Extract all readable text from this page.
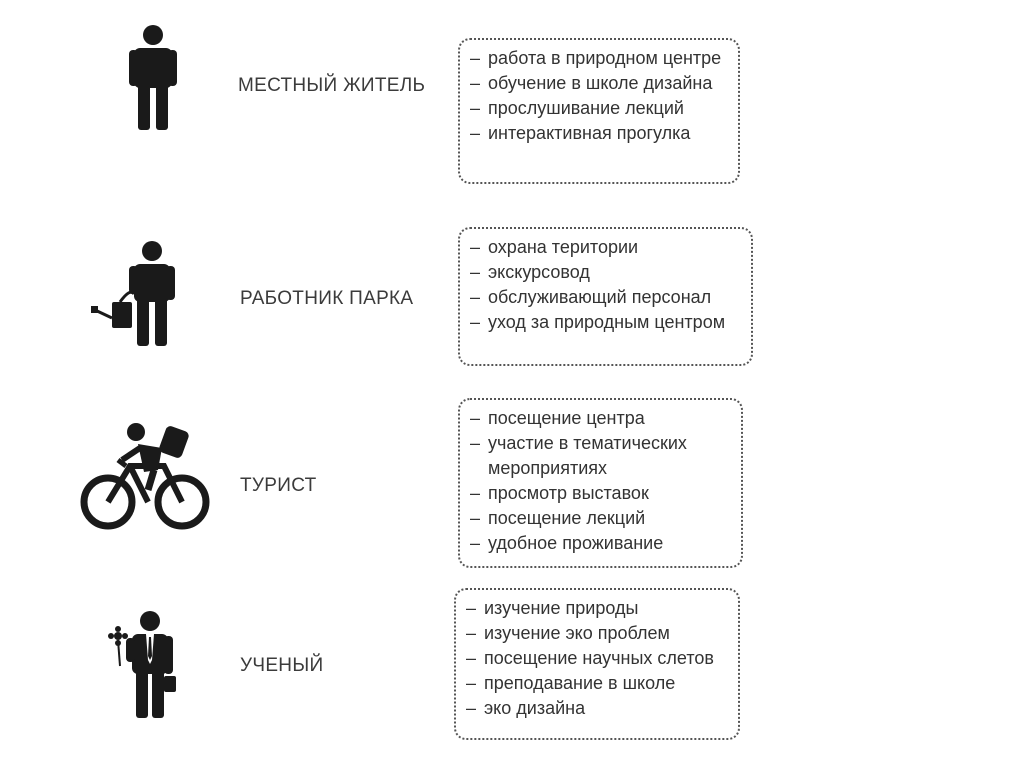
МЕСТНЫЙ ЖИТЕЛЬ
– работа в природном центре
– обучение в школе дизайна
– прослушивание лекций
– интерактивная прогулка
РАБОТНИК ПАРКА
– охрана територии
– экскурсовод
– обслуживающий персонал
– уход за природным центром
ТУРИСТ
– посещение центра
– участие в тематических мероприятиях
– просмотр выставок
– посещение лекций
– удобное проживание
УЧЕНЫЙ
– изучение природы
– изучение эко проблем
– посещение научных слетов
– преподавание в школе
– эко дизайна
